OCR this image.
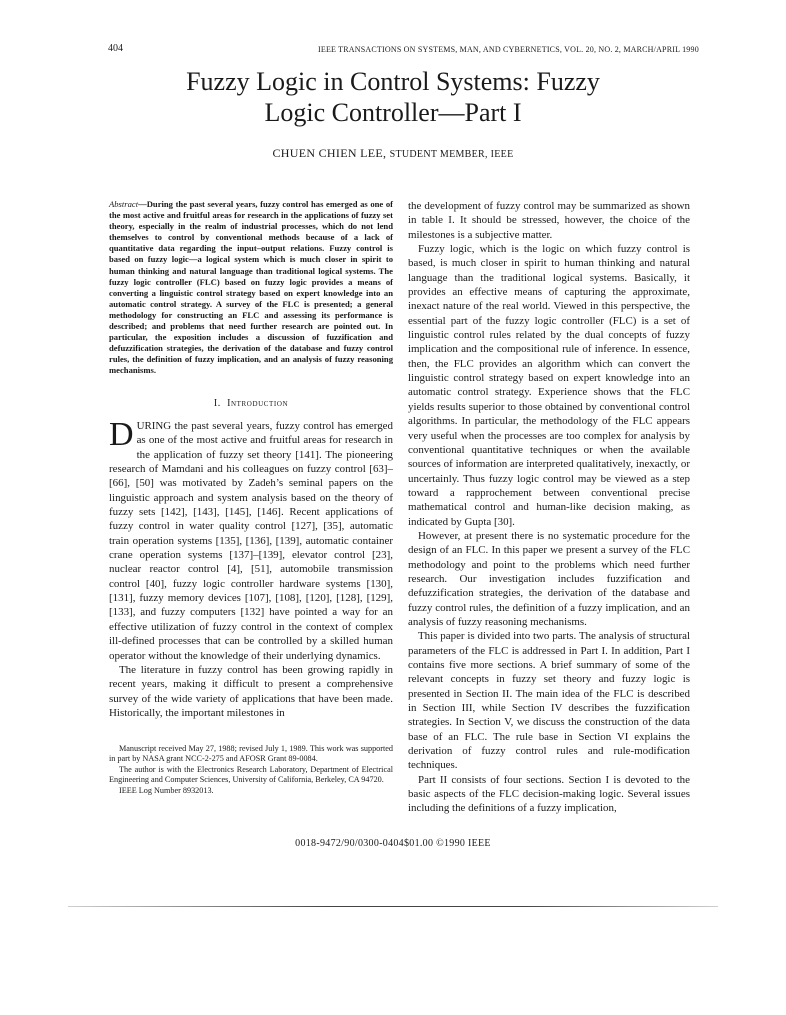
404	IEEE TRANSACTIONS ON SYSTEMS, MAN, AND CYBERNETICS, VOL. 20, NO. 2, MARCH/APRIL 1990
Fuzzy Logic in Control Systems: Fuzzy
Logic Controller—Part I
CHUEN CHIEN LEE, STUDENT MEMBER, IEEE
Abstract—During the past several years, fuzzy control has emerged as one of the most active and fruitful areas for research in the applications of fuzzy set theory, especially in the realm of industrial processes, which do not lend themselves to control by conventional methods because of a lack of quantitative data regarding the input–output relations. Fuzzy control is based on fuzzy logic—a logical system which is much closer in spirit to human thinking and natural language than traditional logical systems. The fuzzy logic controller (FLC) based on fuzzy logic provides a means of converting a linguistic control strategy based on expert knowledge into an automatic control strategy. A survey of the FLC is presented; a general methodology for constructing an FLC and assessing its performance is described; and problems that need further research are pointed out. In particular, the exposition includes a discussion of fuzzification and defuzzification strategies, the derivation of the database and fuzzy control rules, the definition of fuzzy implication, and an analysis of fuzzy reasoning mechanisms.
I. Introduction

DURING the past several years, fuzzy control has emerged as one of the most active and fruitful areas for research in the application of fuzzy set theory [141]. The pioneering research of Mamdani and his colleagues on fuzzy control [63]–[66], [50] was motivated by Zadeh’s seminal papers on the linguistic approach and system analysis based on the theory of fuzzy sets [142], [143], [145], [146]. Recent applications of fuzzy control in water quality control [127], [35], automatic train operation systems [135], [136], [139], automatic container crane operation systems [137]–[139], elevator control [23], nuclear reactor control [4], [51], automobile transmission control [40], fuzzy logic controller hardware systems [130], [131], fuzzy memory devices [107], [108], [120], [128], [129], [133], and fuzzy computers [132] have pointed a way for an effective utilization of fuzzy control in the context of complex ill-defined processes that can be controlled by a skilled human operator without the knowledge of their underlying dynamics.

The literature in fuzzy control has been growing rapidly in recent years, making it difficult to present a comprehensive survey of the wide variety of applications that have been made. Historically, the important milestones in

Manuscript received May 27, 1988; revised July 1, 1989. This work was supported in part by NASA grant NCC-2-275 and AFOSR Grant 89-0084.

The author is with the Electronics Research Laboratory, Department of Electrical Engineering and Computer Sciences, University of California, Berkeley, CA 94720.

IEEE Log Number 8932013.

the development of fuzzy control may be summarized as shown in table I. It should be stressed, however, the choice of the milestones is a subjective matter.

Fuzzy logic, which is the logic on which fuzzy control is based, is much closer in spirit to human thinking and natural language than the traditional logical systems. Basically, it provides an effective means of capturing the approximate, inexact nature of the real world. Viewed in this perspective, the essential part of the fuzzy logic controller (FLC) is a set of linguistic control rules related by the dual concepts of fuzzy implication and the compositional rule of inference. In essence, then, the FLC provides an algorithm which can convert the linguistic control strategy based on expert knowledge into an automatic control strategy. Experience shows that the FLC yields results superior to those obtained by conventional control algorithms. In particular, the methodology of the FLC appears very useful when the processes are too complex for analysis by conventional quantitative techniques or when the available sources of information are interpreted qualitatively, inexactly, or uncertainly. Thus fuzzy logic control may be viewed as a step toward a rapprochement between conventional precise mathematical control and human-like decision making, as indicated by Gupta [30].

However, at present there is no systematic procedure for the design of an FLC. In this paper we present a survey of the FLC methodology and point to the problems which need further research. Our investigation includes fuzzification and defuzzification strategies, the derivation of the database and fuzzy control rules, the definition of a fuzzy implication, and an analysis of fuzzy reasoning mechanisms.

This paper is divided into two parts. The analysis of structural parameters of the FLC is addressed in Part I. In addition, Part I contains five more sections. A brief summary of some of the relevant concepts in fuzzy set theory and fuzzy logic is presented in Section II. The main idea of the FLC is described in Section III, while Section IV describes the fuzzification strategies. In Section V, we discuss the construction of the data base of an FLC. The rule base in Section VI explains the derivation of fuzzy control rules and rule-modification techniques.

Part II consists of four sections. Section I is devoted to the basic aspects of the FLC decision-making logic. Several issues including the definitions of a fuzzy implication,

0018-9472/90/0300-0404$01.00 ©1990 IEEE
